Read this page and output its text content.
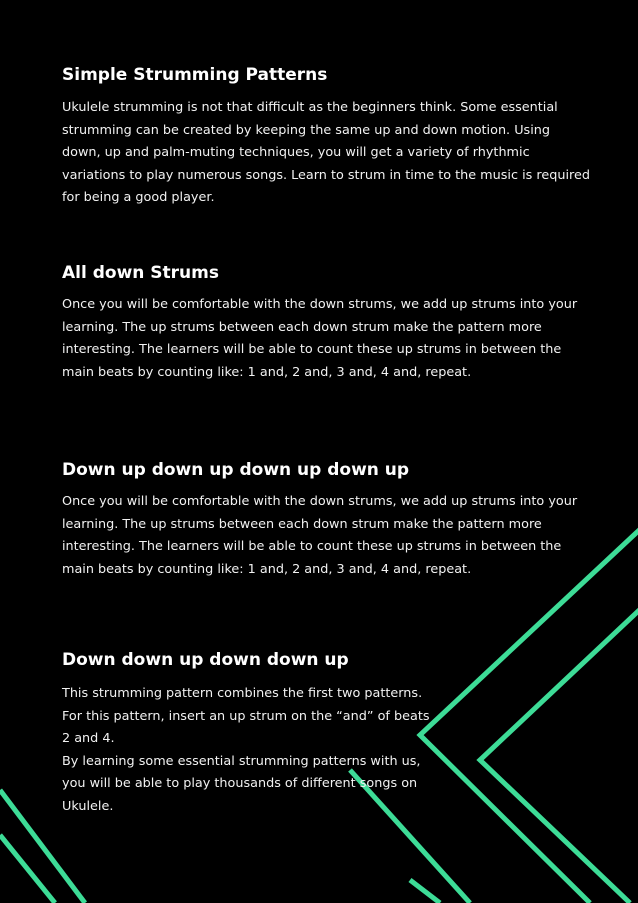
Simple Strumming Patterns

Ukulele strumming is not that difficult as the beginners think. Some essential strumming can be created by keeping the same up and down motion. Using down, up and palm-muting techniques, you will get a variety of rhythmic variations to play numerous songs. Learn to strum in time to the music is required for being a good player.

All down Strums

Once you will be comfortable with the down strums, we add up strums into your learning. The up strums between each down strum make the pattern more interesting. The learners will be able to count these up strums in between the main beats by counting like: 1 and, 2 and, 3 and, 4 and, repeat.

Down up down up down up down up

Once you will be comfortable with the down strums, we add up strums into your learning. The up strums between each down strum make the pattern more interesting. The learners will be able to count these up strums in between the main beats by counting like: 1 and, 2 and, 3 and, 4 and, repeat.

Down down up down down up

This strumming pattern combines the first two patterns. For this pattern, insert an up strum on the “and” of beats 2 and 4.
By learning some essential strumming patterns with us, you will be able to play thousands of different songs on Ukulele.
